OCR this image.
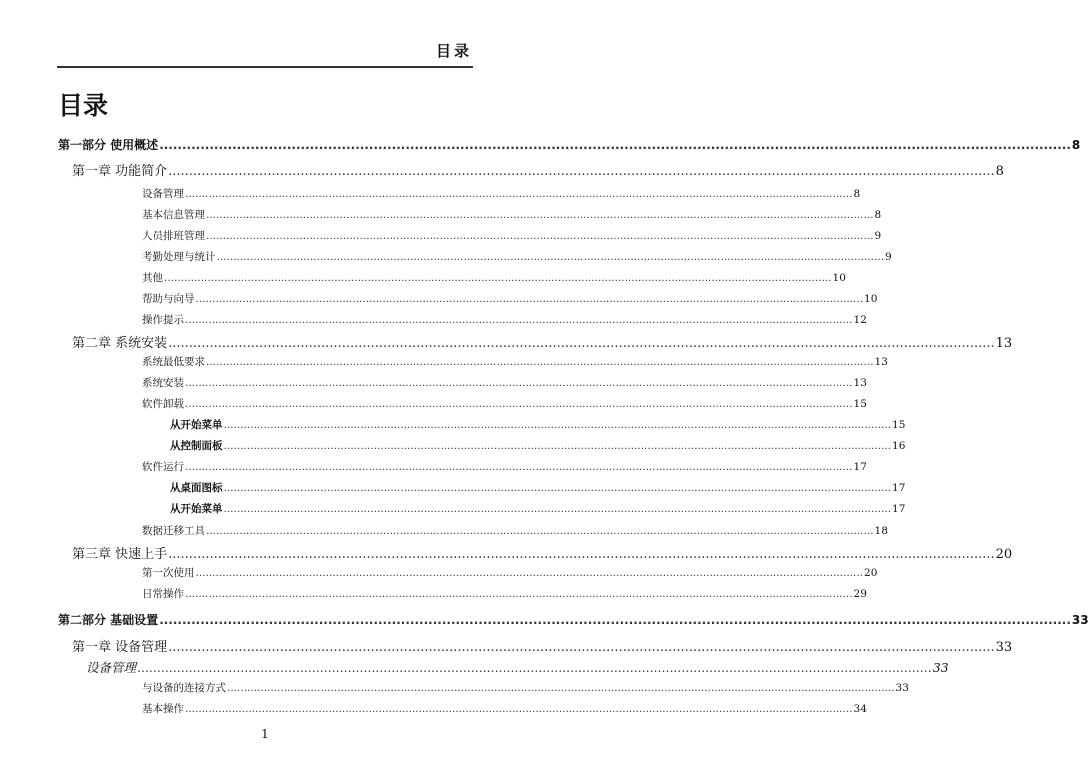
目录
目录
第一部分 使用概述 ........................................................................................................................................................................................................ 8
第一章 功能简介 ........................................................................................................................................................................................................ 8
设备管理 ........................................................................................................................................................................................................ 8
基本信息管理 ........................................................................................................................................................................................................ 8
人员排班管理 ........................................................................................................................................................................................................ 9
考勤处理与统计 ........................................................................................................................................................................................................ 9
其他 ........................................................................................................................................................................................................ 10
帮助与向导 ........................................................................................................................................................................................................ 10
操作提示 ........................................................................................................................................................................................................ 12
第二章 系统安装 ........................................................................................................................................................................................................ 13
系统最低要求 ........................................................................................................................................................................................................ 13
系统安装 ........................................................................................................................................................................................................ 13
软件卸载 ........................................................................................................................................................................................................ 15
从开始菜单 ........................................................................................................................................................................................................ 15
从控制面板 ........................................................................................................................................................................................................ 16
软件运行 ........................................................................................................................................................................................................ 17
从桌面图标 ........................................................................................................................................................................................................ 17
从开始菜单 ........................................................................................................................................................................................................ 17
数据迁移工具 ........................................................................................................................................................................................................ 18
第三章 快速上手 ........................................................................................................................................................................................................ 20
第一次使用 ........................................................................................................................................................................................................ 20
日常操作 ........................................................................................................................................................................................................ 29
第二部分 基础设置 ........................................................................................................................................................................................................ 33
第一章 设备管理 ........................................................................................................................................................................................................ 33
设备管理 ........................................................................................................................................................................................................ 33
与设备的连接方式 ........................................................................................................................................................................................................ 33
基本操作 ........................................................................................................................................................................................................ 34
1
